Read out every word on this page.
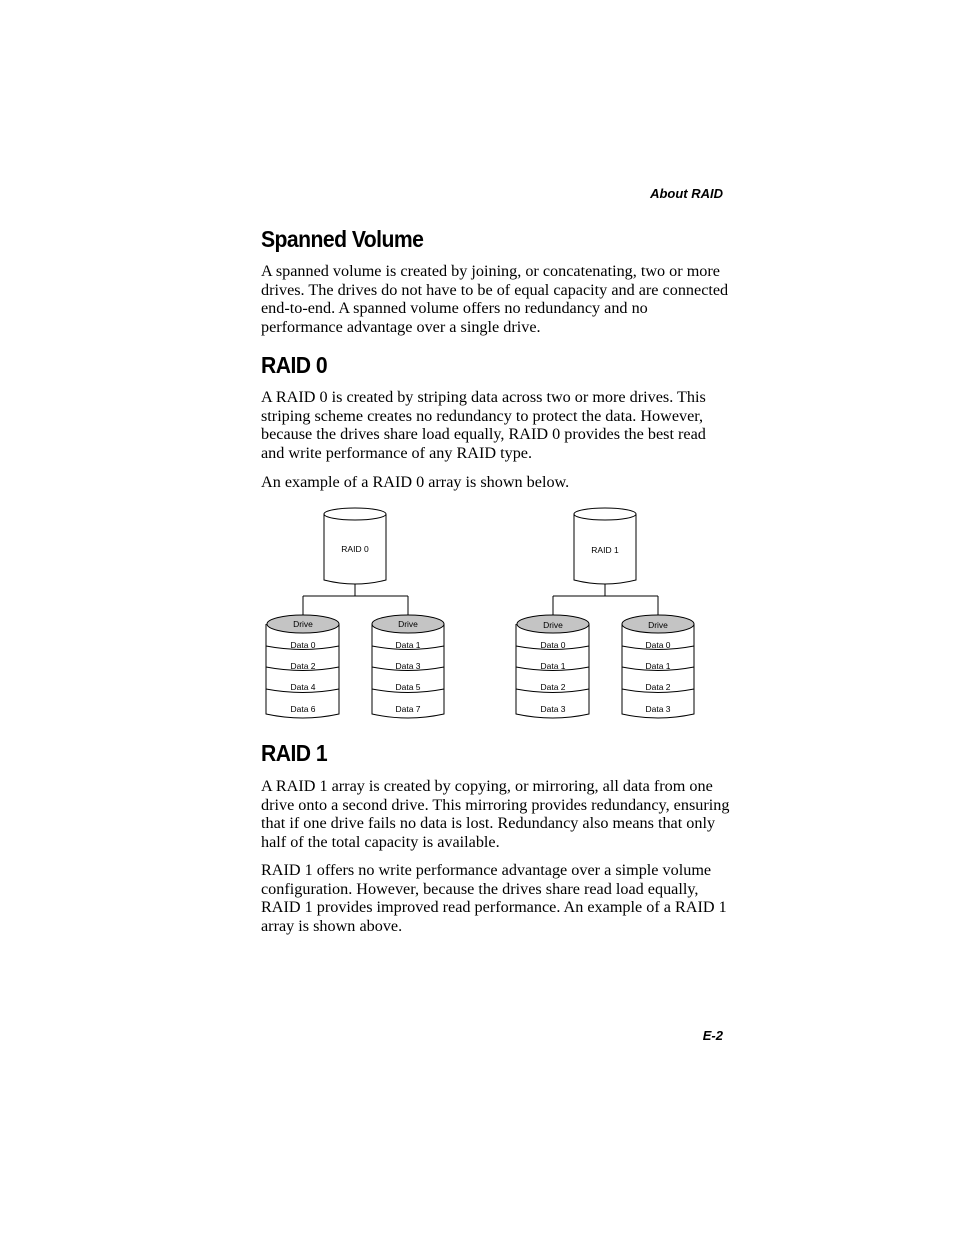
About RAID
Spanned Volume

A spanned volume is created by joining, or concatenating, two or more drives. The drives do not have to be of equal capacity and are connected end-to-end. A spanned volume offers no redundancy and no performance advantage over a single drive.

RAID 0

A RAID 0 is created by striping data across two or more drives. This striping scheme creates no redundancy to protect the data. However, because the drives share load equally, RAID 0 provides the best read and write performance of any RAID type.

An example of a RAID 0 array is shown below.

RAID 0	RAID 1
Drive
Data 0
Data 2
Data 4
Data 6
Drive
Data 1
Data 3
Data 5
Data 7
Drive
Data 0
Data 1
Data 2
Data 3
Drive
Data 0
Data 1
Data 2
Data 3
RAID 1

A RAID 1 array is created by copying, or mirroring, all data from one drive onto a second drive. This mirroring provides redundancy, ensuring that if one drive fails no data is lost. Redundancy also means that only half of the total capacity is available.

RAID 1 offers no write performance advantage over a simple volume configuration. However, because the drives share read load equally, RAID 1 provides improved read performance. An example of a RAID 1 array is shown above.

E-2
